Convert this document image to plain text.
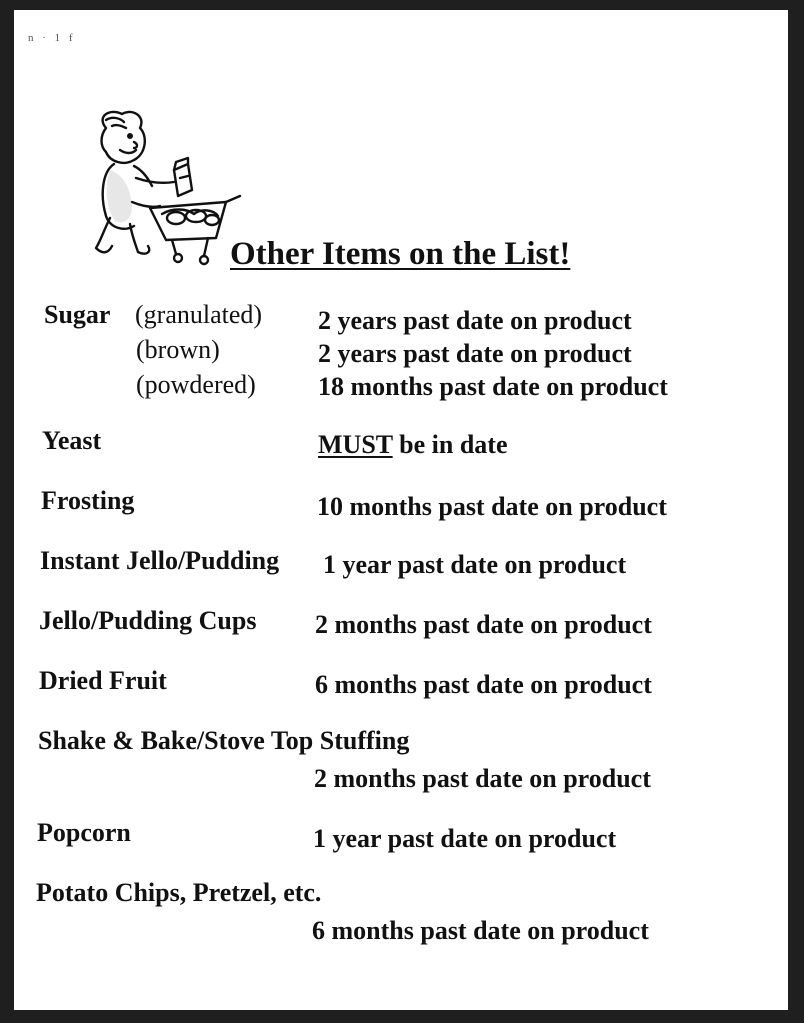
n · 1 f
Other Items on the List!
Sugar (granulated) 2 years past date on product
(brown)	2 years past date on product
(powdered) 18 months past date on product
Yeast	MUST be in date
Frosting	10 months past date on product
Instant Jello/Pudding 1 year past date on product
Jello/Pudding Cups 2 months past date on product
Dried Fruit	6 months past date on product
Shake & Bake/Stove Top Stuffing
2 months past date on product
Popcorn	1 year past date on product
Potato Chips, Pretzel, etc.
6 months past date on product
